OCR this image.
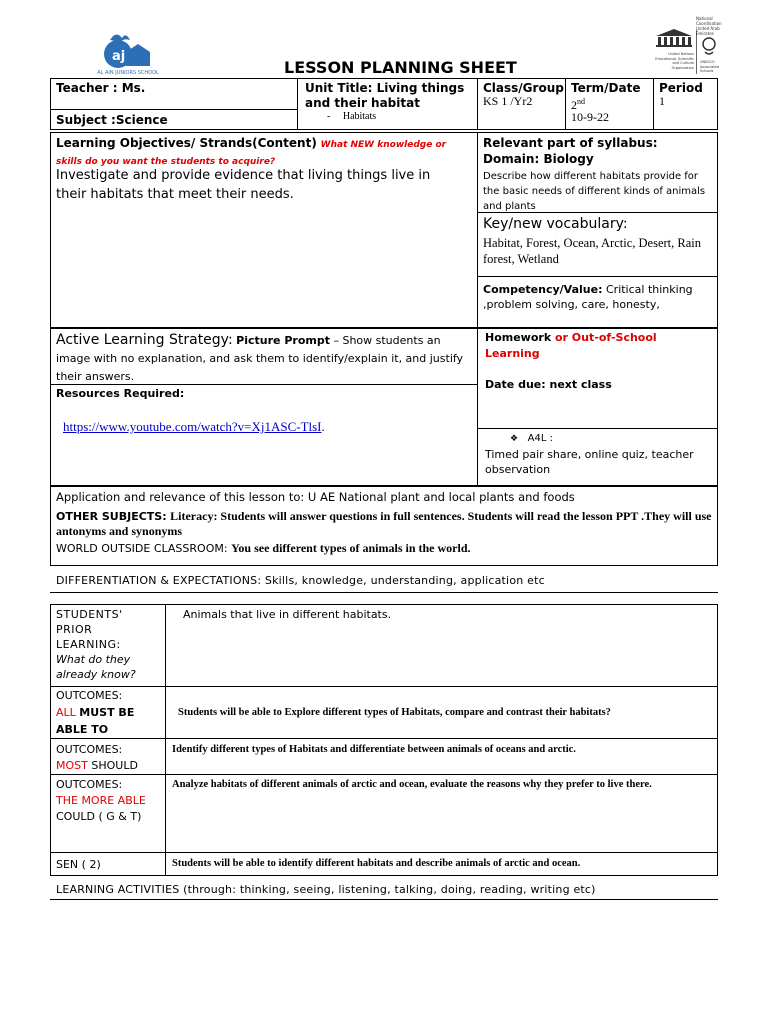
aj
AL AIN JUNIORS SCHOOL
National Coordination
United Arab Emirates
United Nations Educational, Scientific and Cultural Organization
UNESCO Associated Schools
LESSON PLANNING SHEET
Teacher : Ms.
Subject :Science
Unit Title: Living things and their habitat
- Habitats
Class/Group
KS 1 /Yr2
Term/Date
2nd
10-9-22
Period
1
Learning Objectives/ Strands(Content) What NEW knowledge or skills do you want the students to acquire?
Investigate and provide evidence that living things live in their habitats that meet their needs.
Relevant part of syllabus:
Domain: Biology
Describe how different habitats provide for the basic needs of different kinds of animals and plants
Key/new vocabulary:
Habitat, Forest, Ocean, Arctic, Desert, Rain forest, Wetland
Competency/Value: Critical thinking ,problem solving, care, honesty,
Active Learning Strategy: Picture Prompt – Show students an image with no explanation, and ask them to identify/explain it, and justify their answers.
Homework or Out-of-School Learning
Date due: next class
Resources Required:
https://www.youtube.com/watch?v=Xj1ASC-TlsI.
❖ A4L :
Timed pair share, online quiz, teacher observation
Application and relevance of this lesson to: U AE National plant and local plants and foods
OTHER SUBJECTS: Literacy: Students will answer questions in full sentences. Students will read the lesson PPT .They will use antonyms and synonyms
WORLD OUTSIDE CLASSROOM: You see different types of animals in the world.
DIFFERENTIATION & EXPECTATIONS: Skills, knowledge, understanding, application etc
STUDENTS' PRIOR LEARNING:
What do they already know?
Animals that live in different habitats.
OUTCOMES:
ALL MUST BE ABLE TO
Students will be able to Explore different types of Habitats, compare and contrast their habitats?
OUTCOMES:
MOST SHOULD
Identify different types of Habitats and differentiate between animals of oceans and arctic.
OUTCOMES:
THE MORE ABLE COULD ( G & T)
Analyze habitats of different animals of arctic and ocean, evaluate the reasons why they prefer to live there.
SEN ( 2)	Students will be able to identify different habitats and describe animals of arctic and ocean.
LEARNING ACTIVITIES (through: thinking, seeing, listening, talking, doing, reading, writing etc)
